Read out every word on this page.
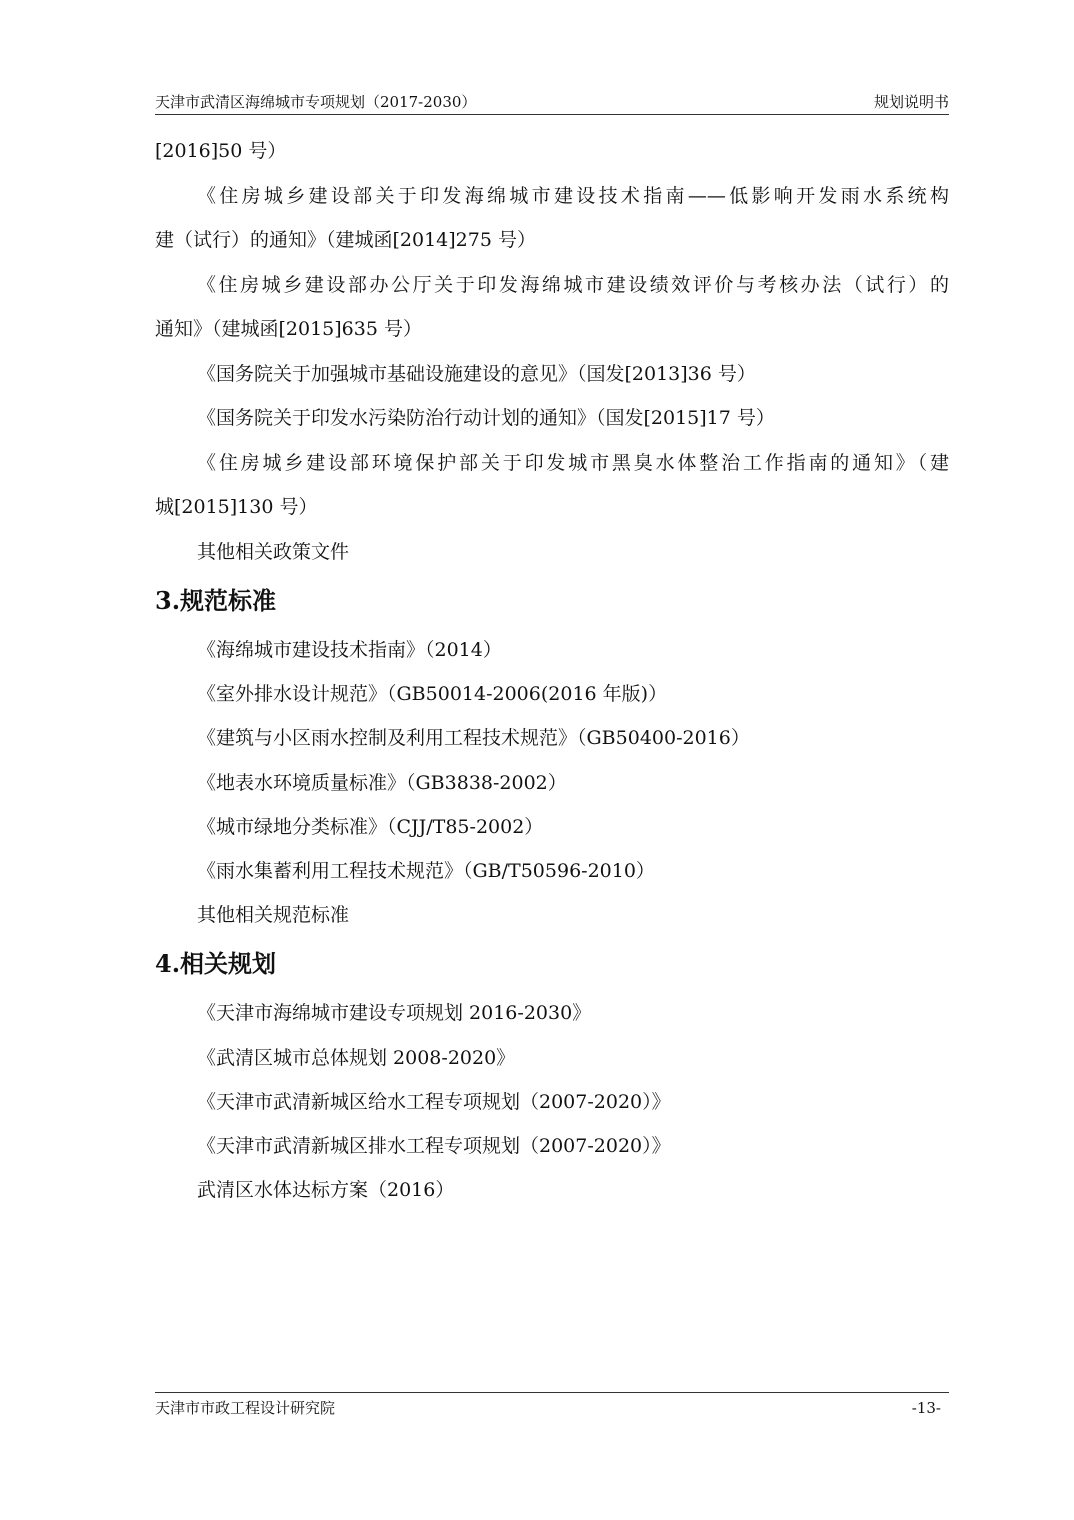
天津市武清区海绵城市专项规划（2017-2030）	规划说明书
[2016]50 号）
《住房城乡建设部关于印发海绵城市建设技术指南——低影响开发雨水系统构
建（试行）的通知》（建城函[2014]275 号）
《住房城乡建设部办公厅关于印发海绵城市建设绩效评价与考核办法（试行）的
通知》（建城函[2015]635 号）
《国务院关于加强城市基础设施建设的意见》（国发[2013]36 号）
《国务院关于印发水污染防治行动计划的通知》（国发[2015]17 号）
《住房城乡建设部环境保护部关于印发城市黑臭水体整治工作指南的通知》（建
城[2015]130 号）
其他相关政策文件
3.规范标准
《海绵城市建设技术指南》（2014）
《室外排水设计规范》（GB50014-2006(2016 年版)）
《建筑与小区雨水控制及利用工程技术规范》（GB50400-2016）
《地表水环境质量标准》（GB3838-2002）
《城市绿地分类标准》（CJJ/T85-2002）
《雨水集蓄利用工程技术规范》（GB/T50596-2010）
其他相关规范标准
4.相关规划
《天津市海绵城市建设专项规划 2016-2030》
《武清区城市总体规划 2008-2020》
《天津市武清新城区给水工程专项规划（2007-2020）》
《天津市武清新城区排水工程专项规划（2007-2020）》
武清区水体达标方案（2016）
天津市市政工程设计研究院	-13-
